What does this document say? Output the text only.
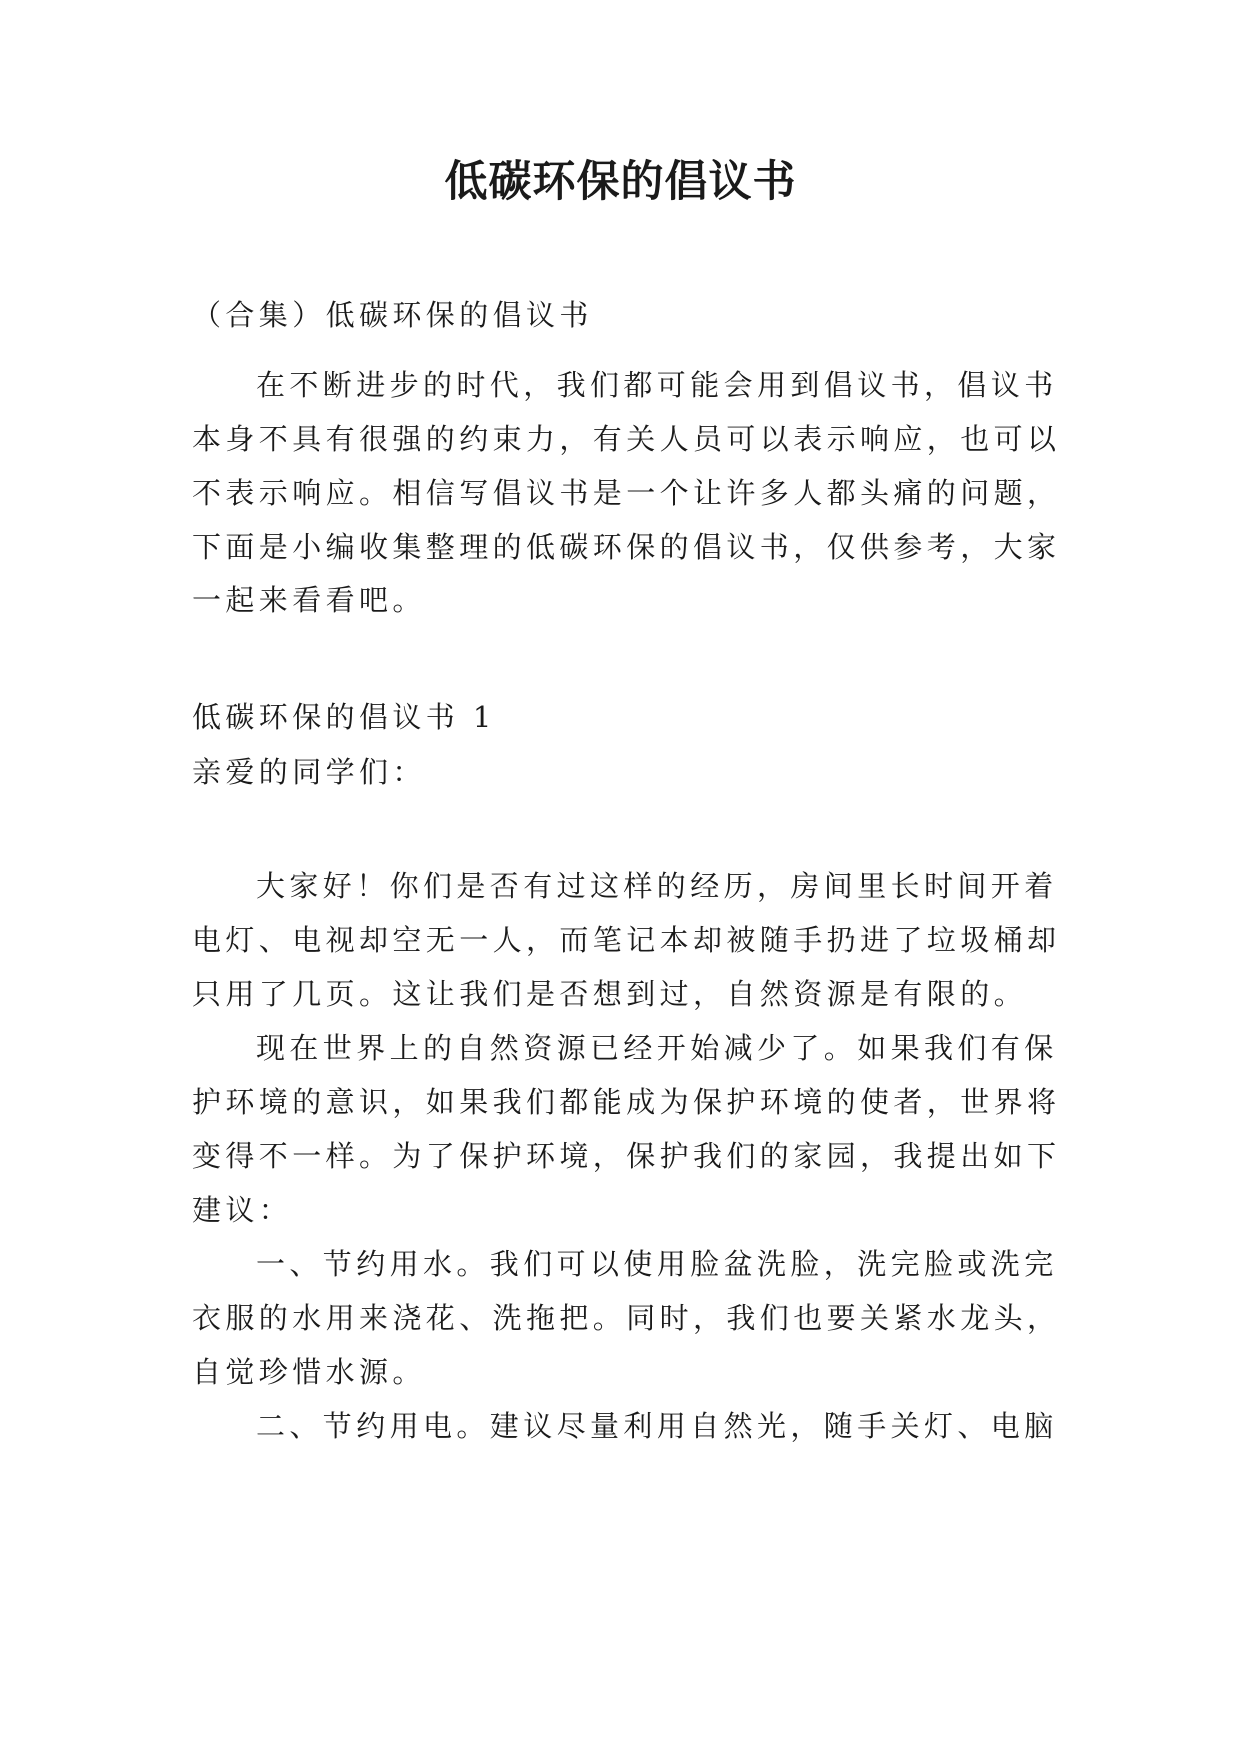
低碳环保的倡议书
（合集）低碳环保的倡议书
在不断进步的时代，我们都可能会用到倡议书，倡议书
本身不具有很强的约束力，有关人员可以表示响应，也可以
不表示响应。相信写倡议书是一个让许多人都头痛的问题，
下面是小编收集整理的低碳环保的倡议书，仅供参考，大家
一起来看看吧。
低碳环保的倡议书 1
亲爱的同学们：
大家好！你们是否有过这样的经历，房间里长时间开着
电灯、电视却空无一人，而笔记本却被随手扔进了垃圾桶却
只用了几页。这让我们是否想到过，自然资源是有限的。
现在世界上的自然资源已经开始减少了。如果我们有保
护环境的意识，如果我们都能成为保护环境的使者，世界将
变得不一样。为了保护环境，保护我们的家园，我提出如下
建议：
一、节约用水。我们可以使用脸盆洗脸，洗完脸或洗完
衣服的水用来浇花、洗拖把。同时，我们也要关紧水龙头，
自觉珍惜水源。
二、节约用电。建议尽量利用自然光，随手关灯、电脑
